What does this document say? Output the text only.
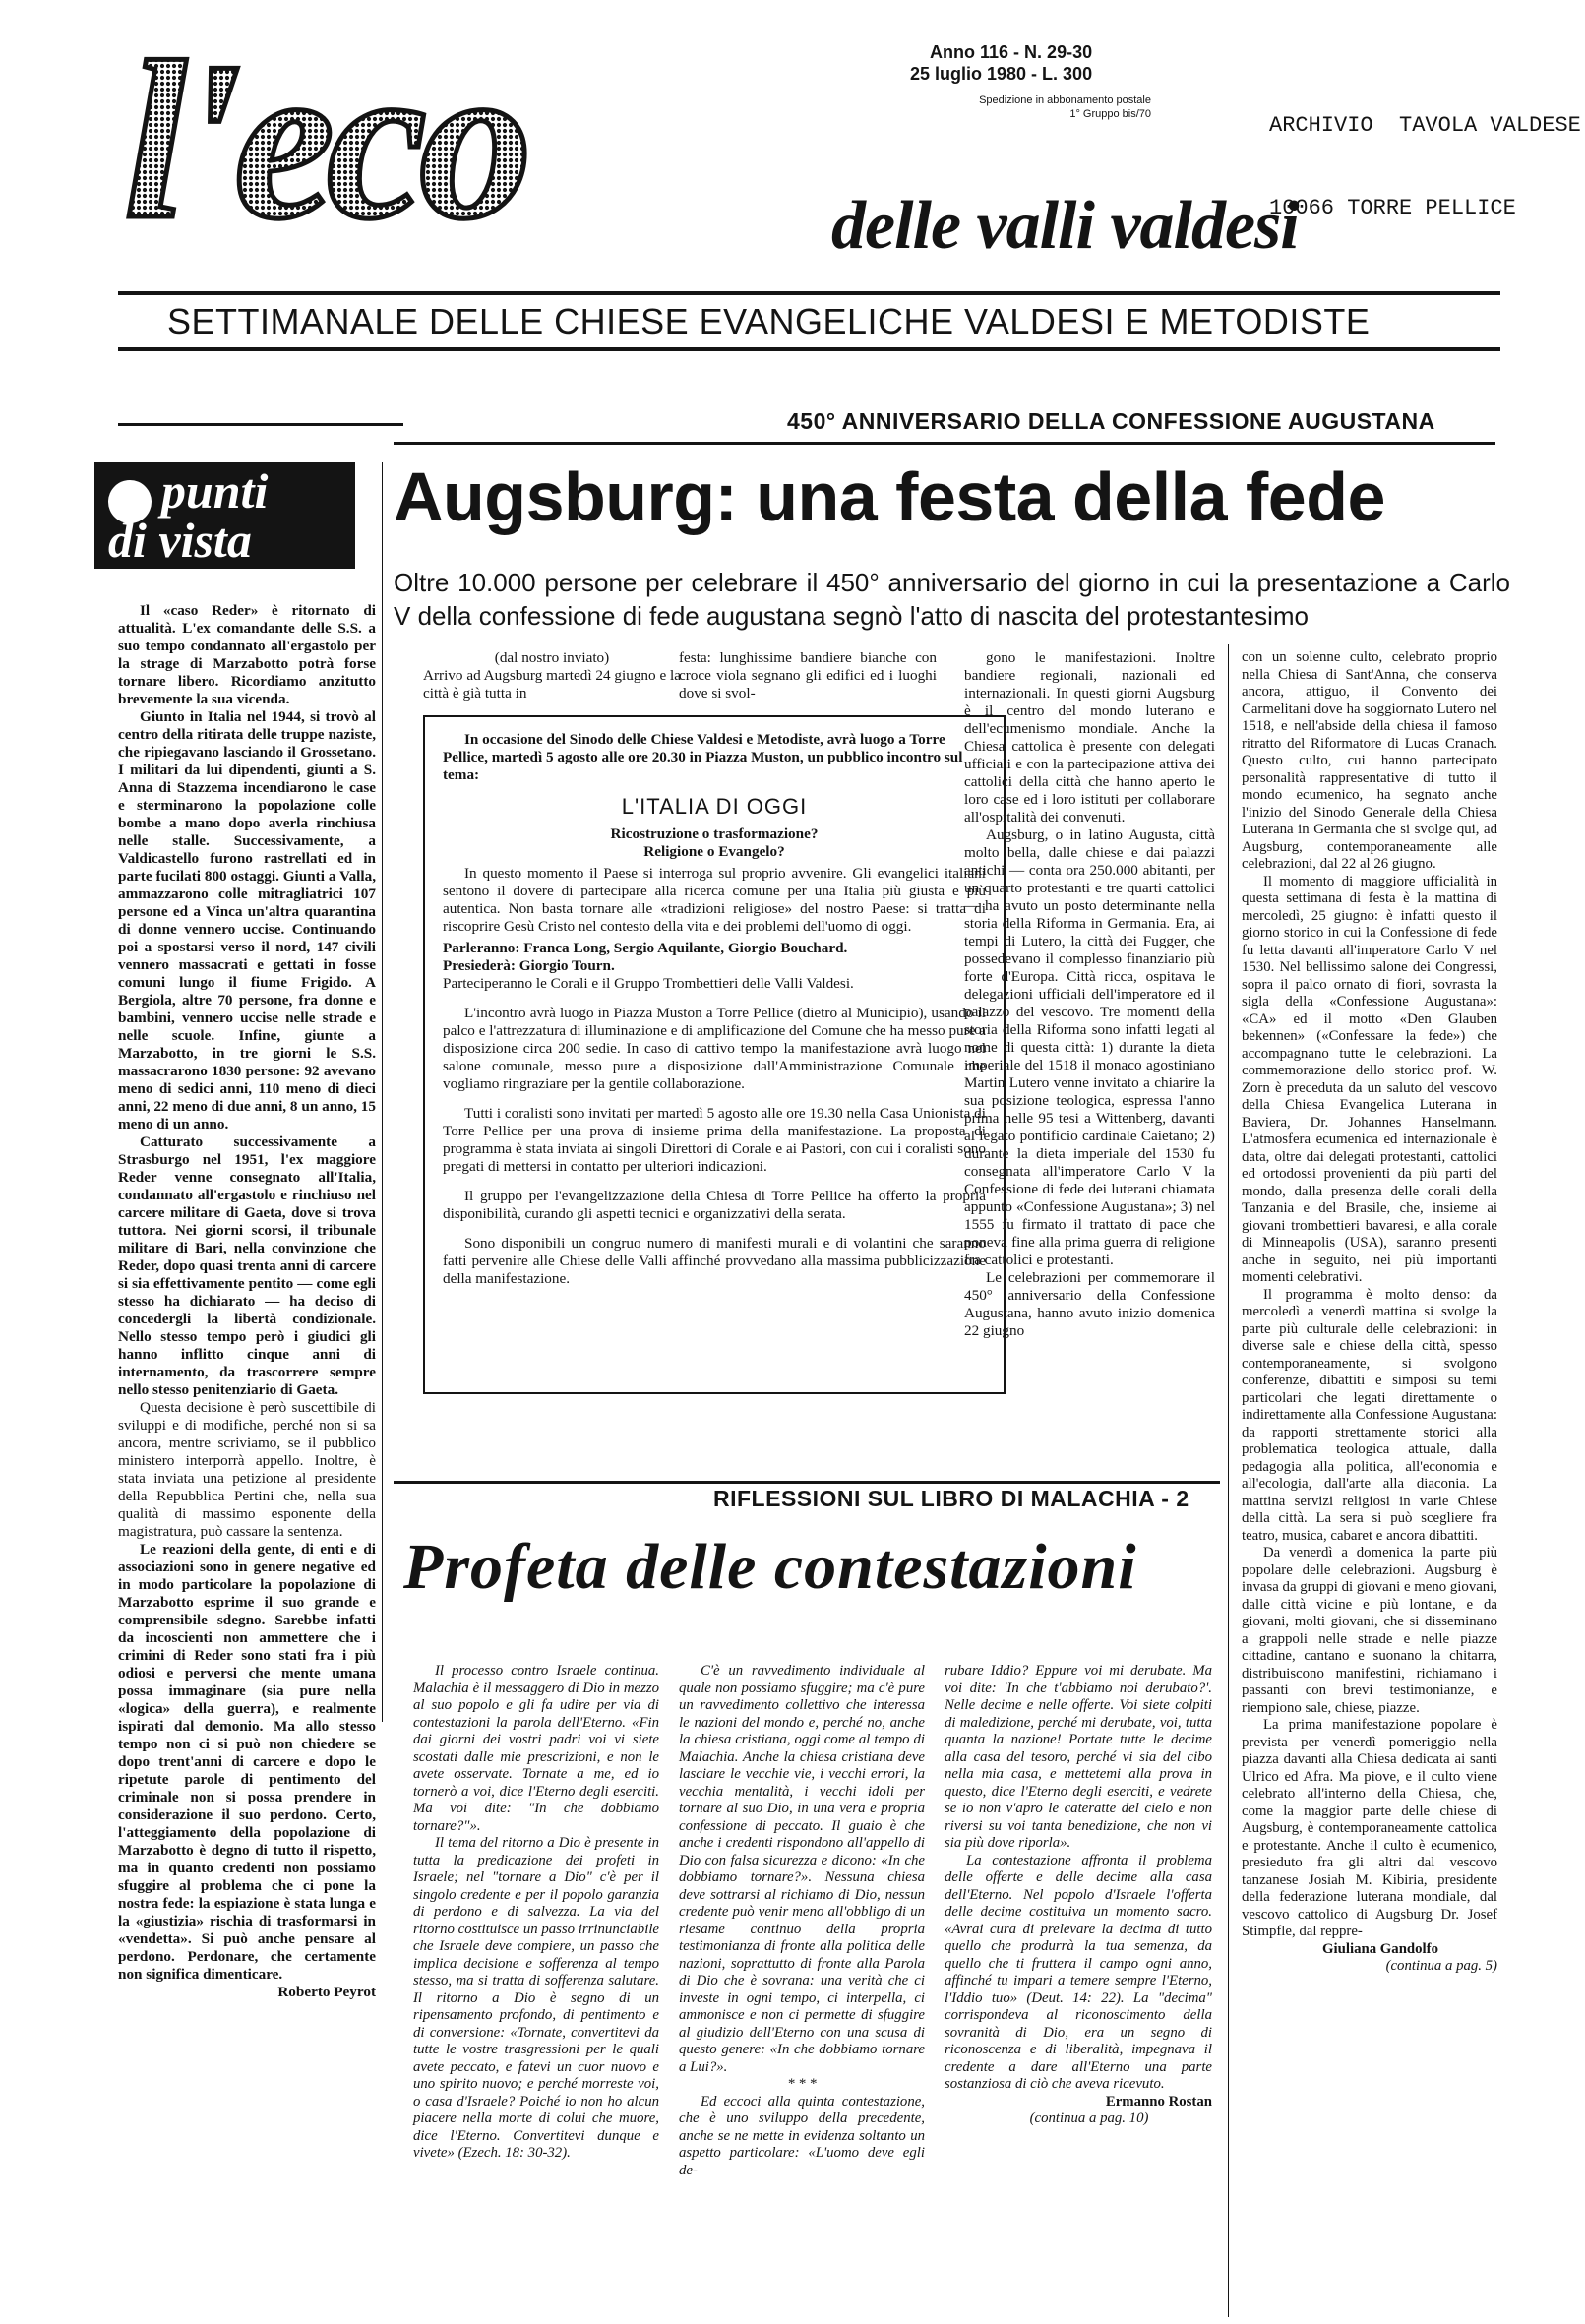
l'eco	Anno 116 - N. 29-30
25 luglio 1980 - L. 300
Spedizione in abbonamento postale
1° Gruppo bis/70

	ARCHIVIO  TAVOLA VALDESE

10066 TORRE PELLICE

delle valli valdesi
SETTIMANALE DELLE CHIESE EVANGELICHE VALDESI E METODISTE
450° ANNIVERSARIO DELLA CONFESSIONE AUGUSTANA
punti
di vista

Il «caso Reder» è ritornato di attualità. L'ex comandante delle S.S. a suo tempo condannato all'ergastolo per la strage di Marzabotto potrà forse tornare libero. Ricordiamo anzitutto brevemente la sua vicenda.

Giunto in Italia nel 1944, si trovò al centro della ritirata delle truppe naziste, che ripiegavano lasciando il Grossetano. I militari da lui dipendenti, giunti a S. Anna di Stazzema incendiarono le case e sterminarono la popolazione colle bombe a mano dopo averla rinchiusa nelle stalle. Successivamente, a Valdicastello furono rastrellati ed in parte fucilati 800 ostaggi. Giunti a Valla, ammazzarono colle mitragliatrici 107 persone ed a Vinca un'altra quarantina di donne vennero uccise. Continuando poi a spostarsi verso il nord, 147 civili vennero massacrati e gettati in fosse comuni lungo il fiume Frigido. A Bergiola, altre 70 persone, fra donne e bambini, vennero uccise nelle strade e nelle scuole. Infine, giunte a Marzabotto, in tre giorni le S.S. massacrarono 1830 persone: 92 avevano meno di sedici anni, 110 meno di dieci anni, 22 meno di due anni, 8 un anno, 15 meno di un anno.

Catturato successivamente a Strasburgo nel 1951, l'ex maggiore Reder venne consegnato all'Italia, condannato all'ergastolo e rinchiuso nel carcere militare di Gaeta, dove si trova tuttora. Nei giorni scorsi, il tribunale militare di Bari, nella convinzione che Reder, dopo quasi trenta anni di carcere si sia effettivamente pentito — come egli stesso ha dichiarato — ha deciso di concedergli la libertà condizionale. Nello stesso tempo però i giudici gli hanno inflitto cinque anni di internamento, da trascorrere sempre nello stesso penitenziario di Gaeta.

Questa decisione è però suscettibile di sviluppi e di modifiche, perché non si sa ancora, mentre scriviamo, se il pubblico ministero interporrà appello. Inoltre, è stata inviata una petizione al presidente della Repubblica Pertini che, nella sua qualità di massimo esponente della magistratura, può cassare la sentenza.

Le reazioni della gente, di enti e di associazioni sono in genere negative ed in modo particolare la popolazione di Marzabotto esprime il suo grande e comprensibile sdegno. Sarebbe infatti da incoscienti non ammettere che i crimini di Reder sono stati fra i più odiosi e perversi che mente umana possa immaginare (sia pure nella «logica» della guerra), e realmente ispirati dal demonio. Ma allo stesso tempo non ci si può non chiedere se dopo trent'anni di carcere e dopo le ripetute parole di pentimento del criminale non si possa prendere in considerazione il suo perdono. Certo, l'atteggiamento della popolazione di Marzabotto è degno di tutto il rispetto, ma in quanto credenti non possiamo sfuggire al problema che ci pone la nostra fede: la espiazione è stata lunga e la «giustizia» rischia di trasformarsi in «vendetta». Si può anche pensare al perdono. Perdonare, che certamente non significa dimenticare.

Roberto Peyrot

Augsburg: una festa della fede
Oltre 10.000 persone per celebrare il 450° anniversario del giorno in cui la presentazione a Carlo V della confessione di fede augustana segnò l'atto di nascita del protestantesimo
(dal nostro inviato)
Arrivo ad Augsburg martedì 24 giugno e la città è già tutta in
festa: lunghissime bandiere bianche con croce viola segnano gli edifici ed i luoghi dove si svol-

In occasione del Sinodo delle Chiese Valdesi e Metodiste, avrà luogo a Torre Pellice, martedì 5 agosto alle ore 20.30 in Piazza Muston, un pubblico incontro sul tema:

L'ITALIA DI OGGI

Ricostruzione o trasformazione?

Religione o Evangelo?

In questo momento il Paese si interroga sul proprio avvenire. Gli evangelici italiani sentono il dovere di partecipare alla ricerca comune per una Italia più giusta e più autentica. Non basta tornare alle «tradizioni religiose» del nostro Paese: si tratta di riscoprire Gesù Cristo nel contesto della vita e dei problemi dell'uomo di oggi.

Parleranno: Franca Long, Sergio Aquilante, Giorgio Bouchard.

Presiederà: Giorgio Tourn.

Parteciperanno le Corali e il Gruppo Trombettieri delle Valli Valdesi.

L'incontro avrà luogo in Piazza Muston a Torre Pellice (dietro al Municipio), usando il palco e l'attrezzatura di illuminazione e di amplificazione del Comune che ha messo pure a disposizione circa 200 sedie. In caso di cattivo tempo la manifestazione avrà luogo nel salone comunale, messo pure a disposizione dall'Amministrazione Comunale che vogliamo ringraziare per la gentile collaborazione.

Tutti i coralisti sono invitati per martedì 5 agosto alle ore 19.30 nella Casa Unionista di Torre Pellice per una prova di insieme prima della manifestazione. La proposta di programma è stata inviata ai singoli Direttori di Corale e ai Pastori, con cui i coralisti sono pregati di mettersi in contatto per ulteriori indicazioni.

Il gruppo per l'evangelizzazione della Chiesa di Torre Pellice ha offerto la propria disponibilità, curando gli aspetti tecnici e organizzativi della serata.

Sono disponibili un congruo numero di manifesti murali e di volantini che saranno fatti pervenire alle Chiese delle Valli affinché provvedano alla massima pubblicizzazione della manifestazione.

gono le manifestazioni. Inoltre bandiere regionali, nazionali ed internazionali. In questi giorni Augsburg è il centro del mondo luterano e dell'ecumenismo mondiale. Anche la Chiesa cattolica è presente con delegati ufficiali e con la partecipazione attiva dei cattolici della città che hanno aperto le loro case ed i loro istituti per collaborare all'ospitalità dei convenuti.

Augsburg, o in latino Augusta, città molto bella, dalle chiese e dai palazzi antichi — conta ora 250.000 abitanti, per un quarto protestanti e tre quarti cattolici — ha avuto un posto determinante nella storia della Riforma in Germania. Era, ai tempi di Lutero, la città dei Fugger, che possedevano il complesso finanziario più forte d'Europa. Città ricca, ospitava le delegazioni ufficiali dell'imperatore ed il palazzo del vescovo. Tre momenti della storia della Riforma sono infatti legati al nome di questa città: 1) durante la dieta imperiale del 1518 il monaco agostiniano Martin Lutero venne invitato a chiarire la sua posizione teologica, espressa l'anno prima nelle 95 tesi a Wittenberg, davanti al legato pontificio cardinale Caietano; 2) durante la dieta imperiale del 1530 fu consegnata all'imperatore Carlo V la Confessione di fede dei luterani chiamata appunto «Confessione Augustana»; 3) nel 1555 fu firmato il trattato di pace che poneva fine alla prima guerra di religione fra cattolici e protestanti.

Le celebrazioni per commemorare il 450° anniversario della Confessione Augustana, hanno avuto inizio domenica 22 giugno

con un solenne culto, celebrato proprio nella Chiesa di Sant'Anna, che conserva ancora, attiguo, il Convento dei Carmelitani dove ha soggiornato Lutero nel 1518, e nell'abside della chiesa il famoso ritratto del Riformatore di Lucas Cranach. Questo culto, cui hanno partecipato personalità rappresentative di tutto il mondo ecumenico, ha segnato anche l'inizio del Sinodo Generale della Chiesa Luterana in Germania che si svolge qui, ad Augsburg, contemporaneamente alle celebrazioni, dal 22 al 26 giugno.

Il momento di maggiore ufficialità in questa settimana di festa è la mattina di mercoledì, 25 giugno: è infatti questo il giorno storico in cui la Confessione di fede fu letta davanti all'imperatore Carlo V nel 1530. Nel bellissimo salone dei Congressi, sopra il palco ornato di fiori, sovrasta la sigla della «Confessione Augustana»: «CA» ed il motto «Den Glauben bekennen» («Confessare la fede») che accompagnano tutte le celebrazioni. La commemorazione dello storico prof. W. Zorn è preceduta da un saluto del vescovo della Chiesa Evangelica Luterana in Baviera, Dr. Johannes Hanselmann. L'atmosfera ecumenica ed internazionale è data, oltre dai delegati protestanti, cattolici ed ortodossi provenienti da più parti del mondo, dalla presenza delle corali della Tanzania e del Brasile, che, insieme ai giovani trombettieri bavaresi, e alla corale di Minneapolis (USA), saranno presenti anche in seguito, nei più importanti momenti celebrativi.

Il programma è molto denso: da mercoledì a venerdì mattina si svolge la parte più culturale delle celebrazioni: in diverse sale e chiese della città, spesso contemporaneamente, si svolgono conferenze, dibattiti e simposi su temi particolari che legati direttamente o indirettamente alla Confessione Augustana: da rapporti strettamente storici alla problematica teologica attuale, dalla pedagogia alla politica, all'economia e all'ecologia, dall'arte alla diaconia. La mattina servizi religiosi in varie Chiese della città. La sera si può scegliere fra teatro, musica, cabaret e ancora dibattiti.

Da venerdì a domenica la parte più popolare delle celebrazioni. Augsburg è invasa da gruppi di giovani e meno giovani, dalle città vicine e più lontane, e da giovani, molti giovani, che si disseminano a grappoli nelle strade e nelle piazze cittadine, cantano e suonano la chitarra, distribuiscono manifestini, richiamano i passanti con brevi testimonianze, e riempiono sale, chiese, piazze.

La prima manifestazione popolare è prevista per venerdì pomeriggio nella piazza davanti alla Chiesa dedicata ai santi Ulrico ed Afra. Ma piove, e il culto viene celebrato all'interno della Chiesa, che, come la maggior parte delle chiese di Augsburg, è contemporaneamente cattolica e protestante. Anche il culto è ecumenico, presieduto fra gli altri dal vescovo tanzanese Josiah M. Kibiria, presidente della federazione luterana mondiale, dal vescovo cattolico di Augsburg Dr. Josef Stimpfle, dal reppre-

Giuliana Gandolfo

(continua a pag. 5)

RIFLESSIONI SUL LIBRO DI MALACHIA - 2
Profeta delle contestazioni

Il processo contro Israele continua. Malachia è il messaggero di Dio in mezzo al suo popolo e gli fa udire per via di contestazioni la parola dell'Eterno. «Fin dai giorni dei vostri padri voi vi siete scostati dalle mie prescrizioni, e non le avete osservate. Tornate a me, ed io tornerò a voi, dice l'Eterno degli eserciti. Ma voi dite: "In che dobbiamo tornare?"».

Il tema del ritorno a Dio è presente in tutta la predicazione dei profeti in Israele; nel "tornare a Dio" c'è per il singolo credente e per il popolo garanzia di perdono e di salvezza. La via del ritorno costituisce un passo irrinunciabile che Israele deve compiere, un passo che implica decisione e sofferenza al tempo stesso, ma si tratta di sofferenza salutare. Il ritorno a Dio è segno di un ripensamento profondo, di pentimento e di conversione: «Tornate, convertitevi da tutte le vostre trasgressioni per le quali avete peccato, e fatevi un cuor nuovo e uno spirito nuovo; e perché morreste voi, o casa d'Israele? Poiché io non ho alcun piacere nella morte di colui che muore, dice l'Eterno. Convertitevi dunque e vivete» (Ezech. 18: 30-32).

C'è un ravvedimento individuale al quale non possiamo sfuggire; ma c'è pure un ravvedimento collettivo che interessa le nazioni del mondo e, perché no, anche la chiesa cristiana, oggi come al tempo di Malachia. Anche la chiesa cristiana deve lasciare le vecchie vie, i vecchi errori, la vecchia mentalità, i vecchi idoli per tornare al suo Dio, in una vera e propria confessione di peccato. Il guaio è che anche i credenti rispondono all'appello di Dio con falsa sicurezza e dicono: «In che dobbiamo tornare?». Nessuna chiesa deve sottrarsi al richiamo di Dio, nessun credente può venir meno all'obbligo di un riesame continuo della propria testimonianza di fronte alla politica delle nazioni, soprattutto di fronte alla Parola di Dio che è sovrana: una verità che ci investe in ogni tempo, ci interpella, ci ammonisce e non ci permette di sfuggire al giudizio dell'Eterno con una scusa di questo genere: «In che dobbiamo tornare a Lui?».

* * *

Ed eccoci alla quinta contestazione, che è uno sviluppo della precedente, anche se ne mette in evidenza soltanto un aspetto particolare: «L'uomo deve egli de-

rubare Iddio? Eppure voi mi derubate. Ma voi dite: 'In che t'abbiamo noi derubato?'. Nelle decime e nelle offerte. Voi siete colpiti di maledizione, perché mi derubate, voi, tutta quanta la nazione! Portate tutte le decime alla casa del tesoro, perché vi sia del cibo nella mia casa, e mettetemi alla prova in questo, dice l'Eterno degli eserciti, e vedrete se io non v'apro le cateratte del cielo e non riversi su voi tanta benedizione, che non vi sia più dove riporla».

La contestazione affronta il problema delle offerte e delle decime alla casa dell'Eterno. Nel popolo d'Israele l'offerta delle decime costituiva un momento sacro. «Avrai cura di prelevare la decima di tutto quello che produrrà la tua semenza, da quello che ti fruttera il campo ogni anno, affinché tu impari a temere sempre l'Eterno, l'Iddio tuo» (Deut. 14: 22). La "decima" corrispondeva al riconoscimento della sovranità di Dio, era un segno di riconoscenza e di liberalità, impegnava il credente a dare all'Eterno una parte sostanziosa di ciò che aveva ricevuto.

Ermanno Rostan

(continua a pag. 10)
